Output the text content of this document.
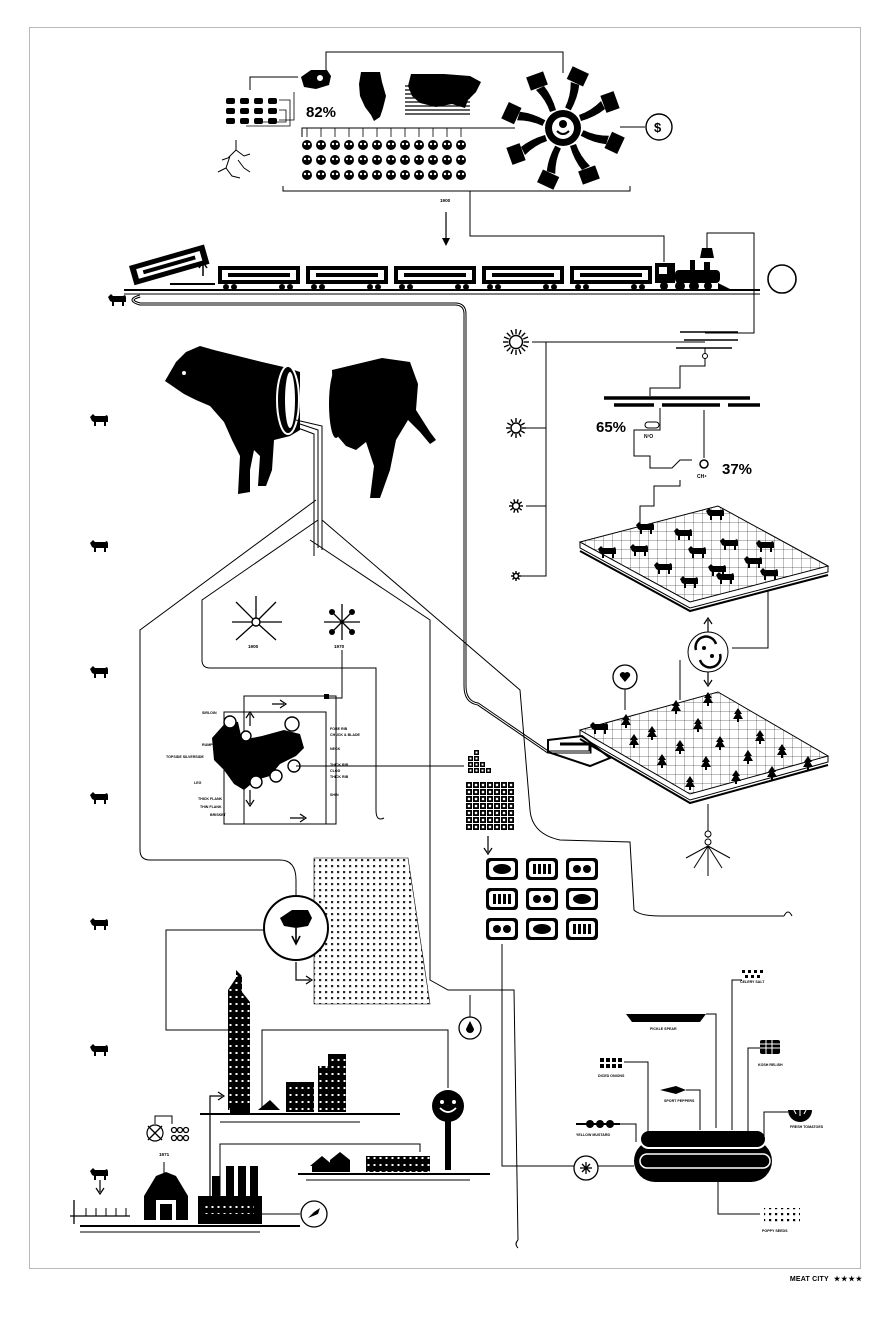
82%
$
1900
65%
N²O
37%
CH⁴
1900	1970
SIRLOIN
RUMP
TOPSIDE SILVERSIDE
LEG
THICK FLANK
THIN FLANK
BRISKET
FORE RIB
CHUCK & BLADE
NECK
THICK RIB
CLOD
THICK RIB
SHIN
1971
CELERY SALT
PICKLE SPEAR
DICED ONIONS
KOSH RELISH
SPORT PEPPERS
YELLOW MUSTARD
FRESH TOMATOES
POPPY SEEDS
MEAT CITY ★★★★
